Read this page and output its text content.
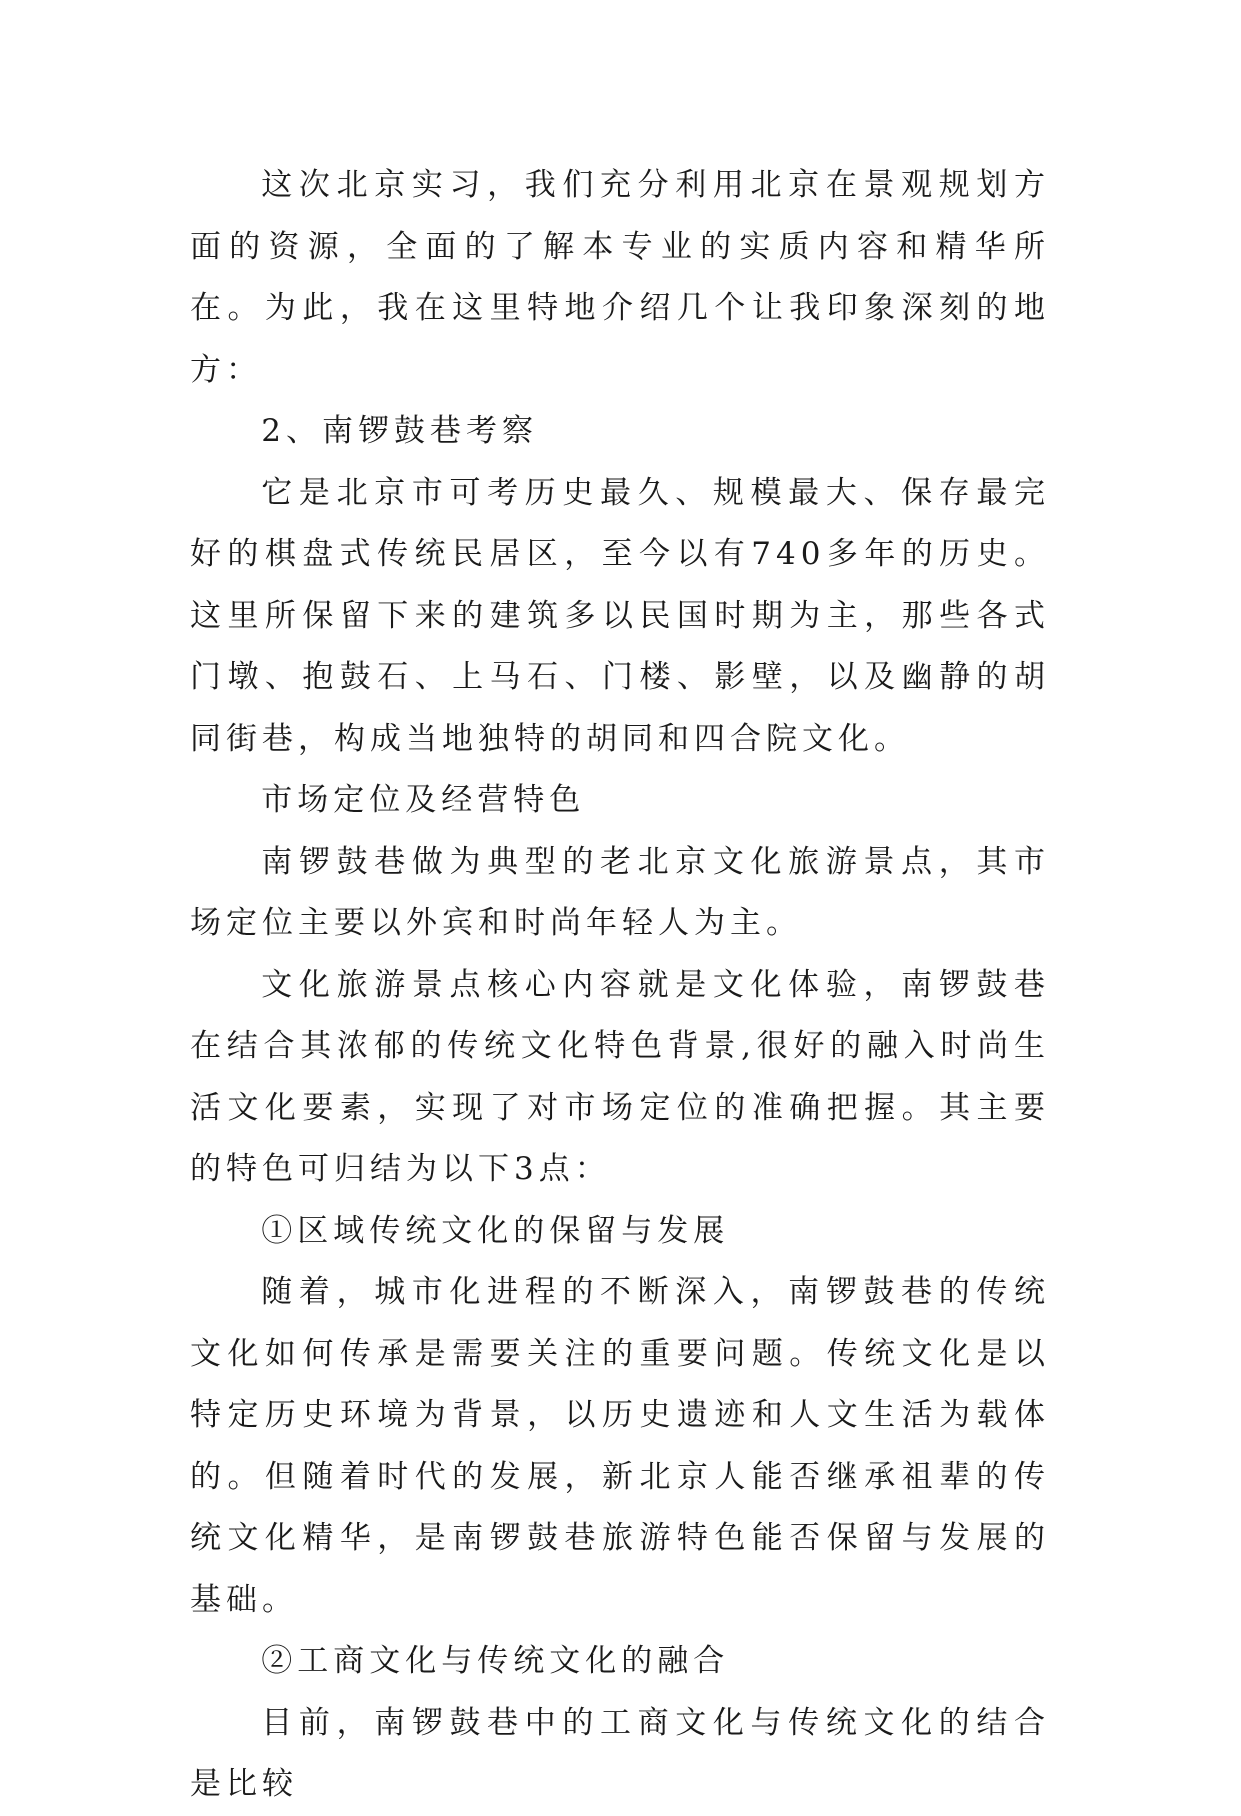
这次北京实习，我们充分利用北京在景观规划方面的资源，全面的了解本专业的实质内容和精华所在。为此，我在这里特地介绍几个让我印象深刻的地方：

2、南锣鼓巷考察

它是北京市可考历史最久、规模最大、保存最完好的棋盘式传统民居区，至今以有740多年的历史。这里所保留下来的建筑多以民国时期为主，那些各式门墩、抱鼓石、上马石、门楼、影壁，以及幽静的胡同街巷，构成当地独特的胡同和四合院文化。

市场定位及经营特色

南锣鼓巷做为典型的老北京文化旅游景点，其市场定位主要以外宾和时尚年轻人为主。

文化旅游景点核心内容就是文化体验，南锣鼓巷在结合其浓郁的传统文化特色背景,很好的融入时尚生活文化要素，实现了对市场定位的准确把握。其主要的特色可归结为以下3点：

①区域传统文化的保留与发展

随着，城市化进程的不断深入，南锣鼓巷的传统文化如何传承是需要关注的重要问题。传统文化是以特定历史环境为背景，以历史遗迹和人文生活为载体的。但随着时代的发展，新北京人能否继承祖辈的传统文化精华，是南锣鼓巷旅游特色能否保留与发展的基础。

②工商文化与传统文化的融合

目前，南锣鼓巷中的工商文化与传统文化的结合是比较
